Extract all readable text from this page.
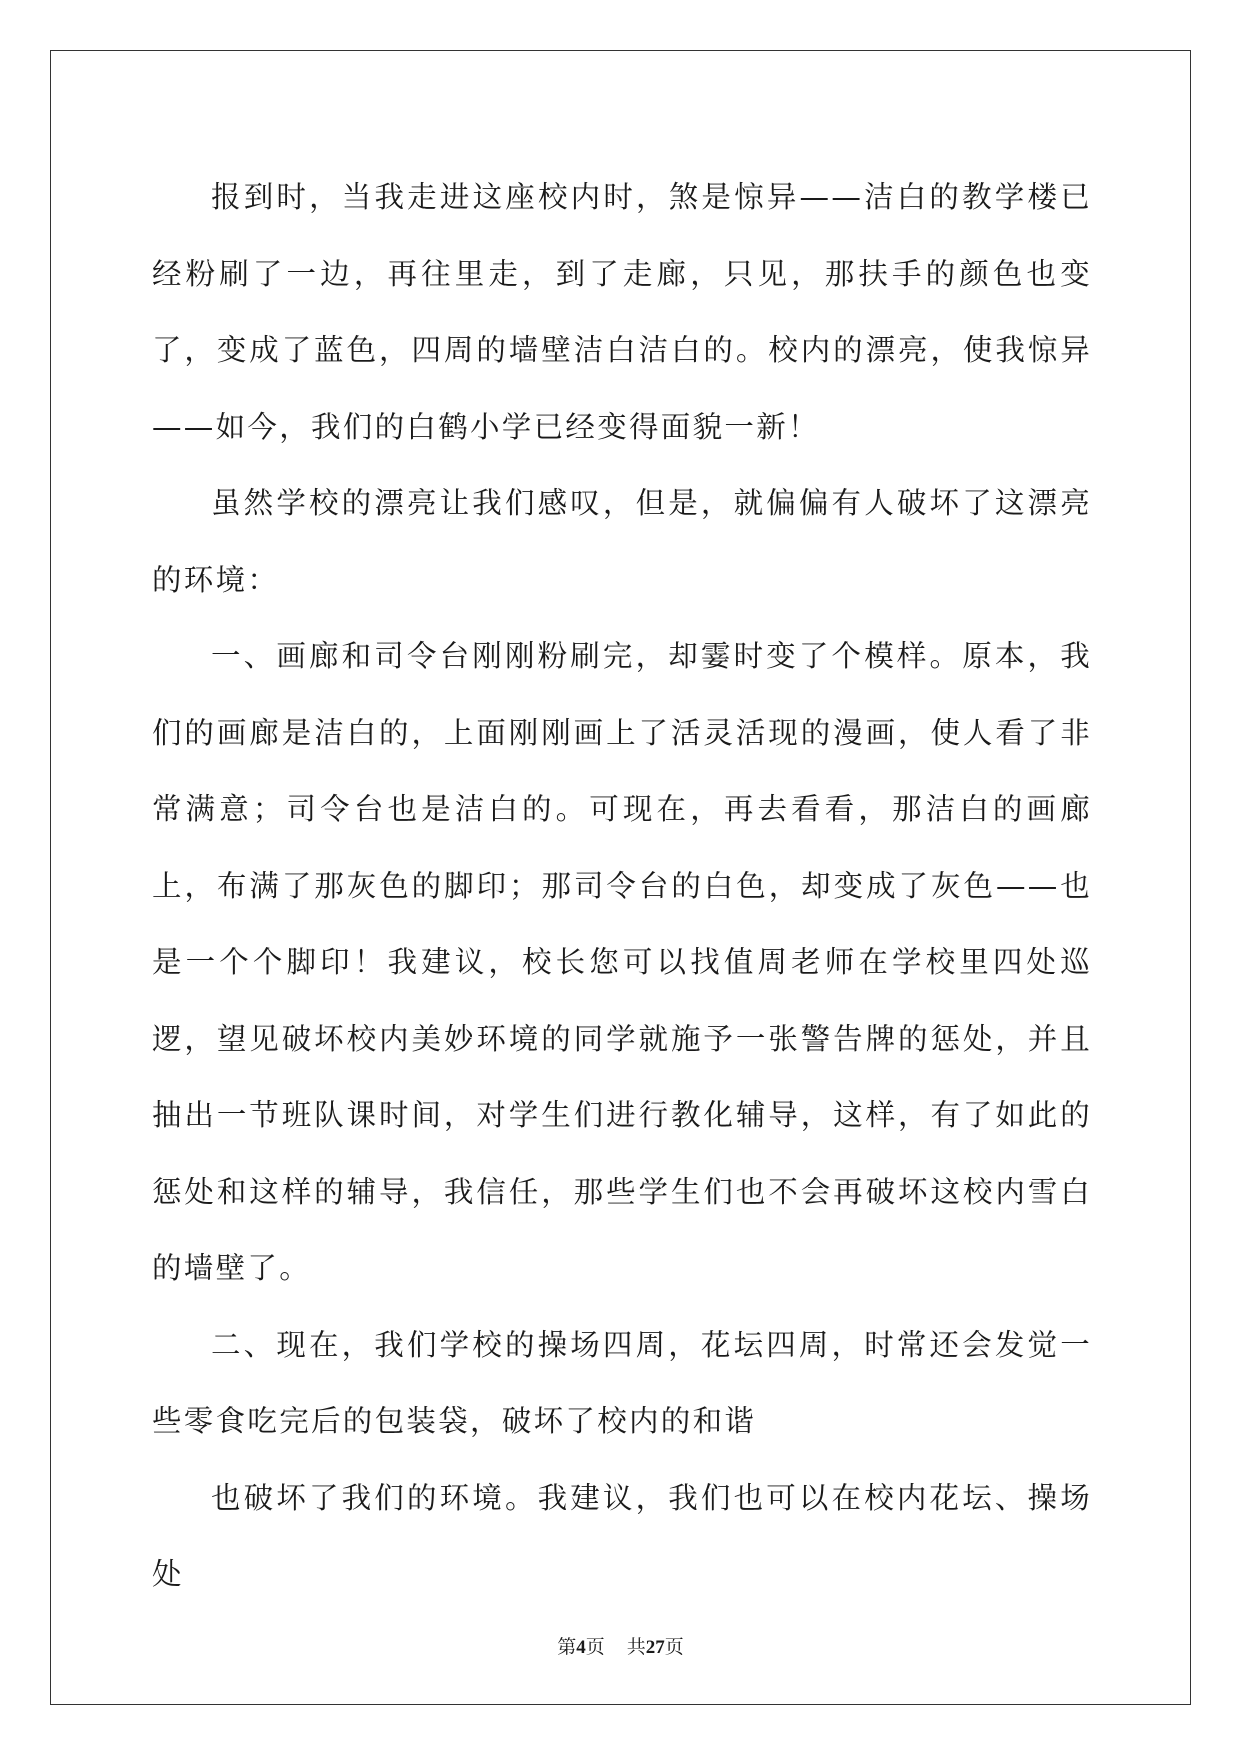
报到时，当我走进这座校内时，煞是惊异——洁白的教学楼已经粉刷了一边，再往里走，到了走廊，只见，那扶手的颜色也变了，变成了蓝色，四周的墙壁洁白洁白的。校内的漂亮，使我惊异——如今，我们的白鹤小学已经变得面貌一新！

虽然学校的漂亮让我们感叹，但是，就偏偏有人破坏了这漂亮的环境：

一、画廊和司令台刚刚粉刷完，却霎时变了个模样。原本，我们的画廊是洁白的，上面刚刚画上了活灵活现的漫画，使人看了非常满意；司令台也是洁白的。可现在，再去看看，那洁白的画廊上，布满了那灰色的脚印；那司令台的白色，却变成了灰色——也是一个个脚印！我建议，校长您可以找值周老师在学校里四处巡逻，望见破坏校内美妙环境的同学就施予一张警告牌的惩处，并且抽出一节班队课时间，对学生们进行教化辅导，这样，有了如此的惩处和这样的辅导，我信任，那些学生们也不会再破坏这校内雪白的墙壁了。

二、现在，我们学校的操场四周，花坛四周，时常还会发觉一些零食吃完后的包装袋，破坏了校内的和谐

也破坏了我们的环境。我建议，我们也可以在校内花坛、操场处

第4页 共27页
